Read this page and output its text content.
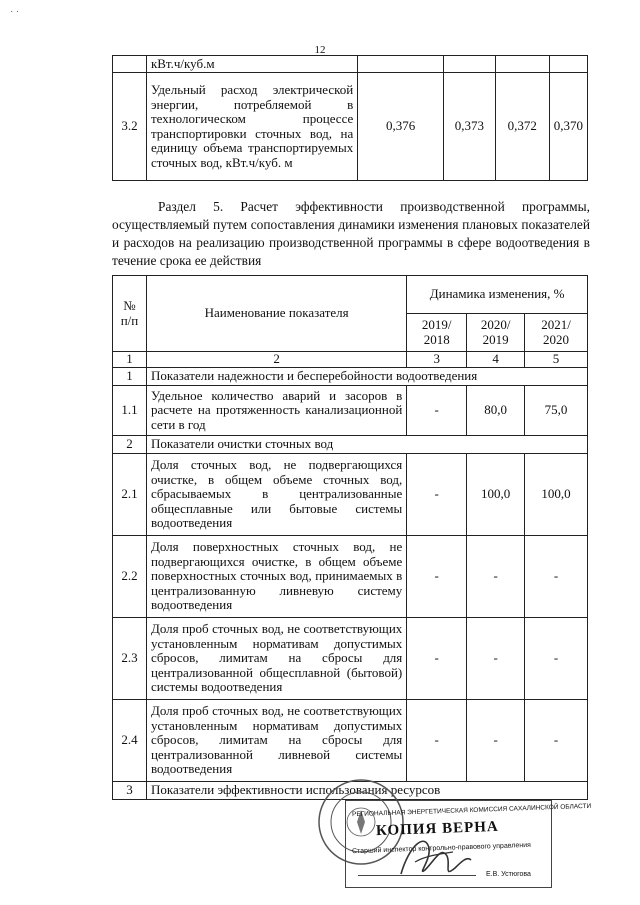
˙ ˙
12
	кВт.ч/куб.м				
3.2	Удельный расход электрической энергии, потребляемой в технологическом процессе транспортировки сточных вод, на единицу объема транспортируемых сточных вод, кВт.ч/куб. м	0,376	0,373	0,372	0,370
Раздел 5. Расчет эффективности производственной программы, осуществляемый путем сопоставления динамики изменения плановых показателей и расходов на реализацию производственной программы в сфере водоотведения в течение срока ее действия
№ п/п	Наименование показателя	Динамика изменения, %		
		2019/ 2018	2020/ 2019	2021/ 2020
1	2	3	4	5
1	Показатели надежности и бесперебойности водоотведения			
1.1	Удельное количество аварий и засоров в расчете на протяженность канализационной сети в год	-	80,0	75,0
2	Показатели очистки сточных вод			
2.1	Доля сточных вод, не подвергающихся очистке, в общем объеме сточных вод, сбрасываемых в централизованные общесплавные или бытовые системы водоотведения	-	100,0	100,0
2.2	Доля поверхностных сточных вод, не подвергающихся очистке, в общем объеме поверхностных сточных вод, принимаемых в централизованную ливневую систему водоотведения	-	-	-
2.3	Доля проб сточных вод, не соответствующих установленным нормативам допустимых сбросов, лимитам на сбросы для централизованной общесплавной (бытовой) системы водоотведения	-	-	-
2.4	Доля проб сточных вод, не соответствующих установленным нормативам допустимых сбросов, лимитам на сбросы для централизованной ливневой системы водоотведения	-	-	-
3	Показатели эффективности использования ресурсов			
РЕГИОНАЛЬНАЯ ЭНЕРГЕТИЧЕСКАЯ КОМИССИЯ САХАЛИНСКОЙ ОБЛАСТИ
КОПИЯ ВЕРНА
Старший инспектор контрольно-правового управления
Е.В. Устюгова
